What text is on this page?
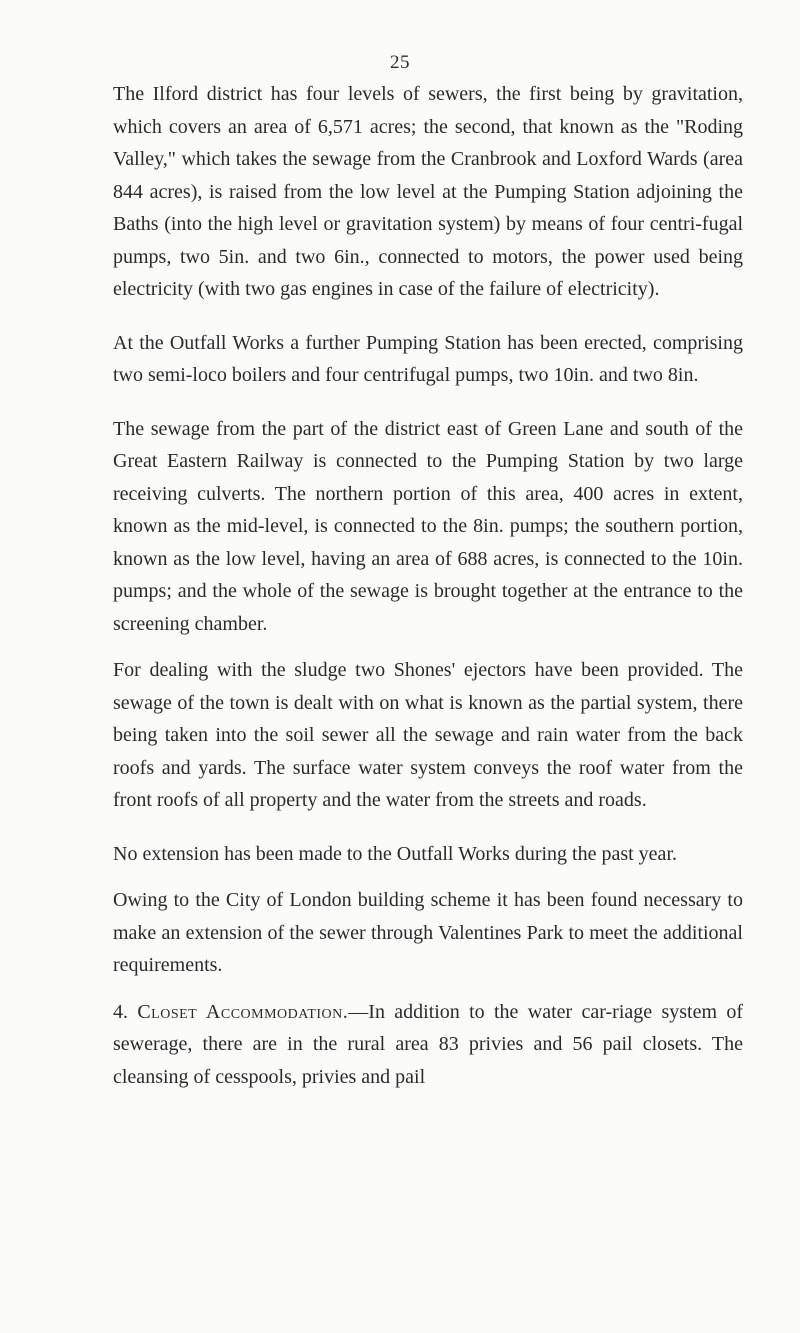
25

The Ilford district has four levels of sewers, the first being by gravitation, which covers an area of 6,571 acres; the second, that known as the "Roding Valley," which takes the sewage from the Cranbrook and Loxford Wards (area 844 acres), is raised from the low level at the Pumping Station adjoining the Baths (into the high level or gravitation system) by means of four centri-fugal pumps, two 5in. and two 6in., connected to motors, the power used being electricity (with two gas engines in case of the failure of electricity).

At the Outfall Works a further Pumping Station has been erected, comprising two semi-loco boilers and four centrifugal pumps, two 10in. and two 8in.

The sewage from the part of the district east of Green Lane and south of the Great Eastern Railway is connected to the Pumping Station by two large receiving culverts. The northern portion of this area, 400 acres in extent, known as the mid-level, is connected to the 8in. pumps; the southern portion, known as the low level, having an area of 688 acres, is connected to the 10in. pumps; and the whole of the sewage is brought together at the entrance to the screening chamber.

For dealing with the sludge two Shones' ejectors have been provided. The sewage of the town is dealt with on what is known as the partial system, there being taken into the soil sewer all the sewage and rain water from the back roofs and yards. The surface water system conveys the roof water from the front roofs of all property and the water from the streets and roads.

No extension has been made to the Outfall Works during the past year.

Owing to the City of London building scheme it has been found necessary to make an extension of the sewer through Valentines Park to meet the additional requirements.

4. Closet Accommodation.—In addition to the water car-riage system of sewerage, there are in the rural area 83 privies and 56 pail closets. The cleansing of cesspools, privies and pail
